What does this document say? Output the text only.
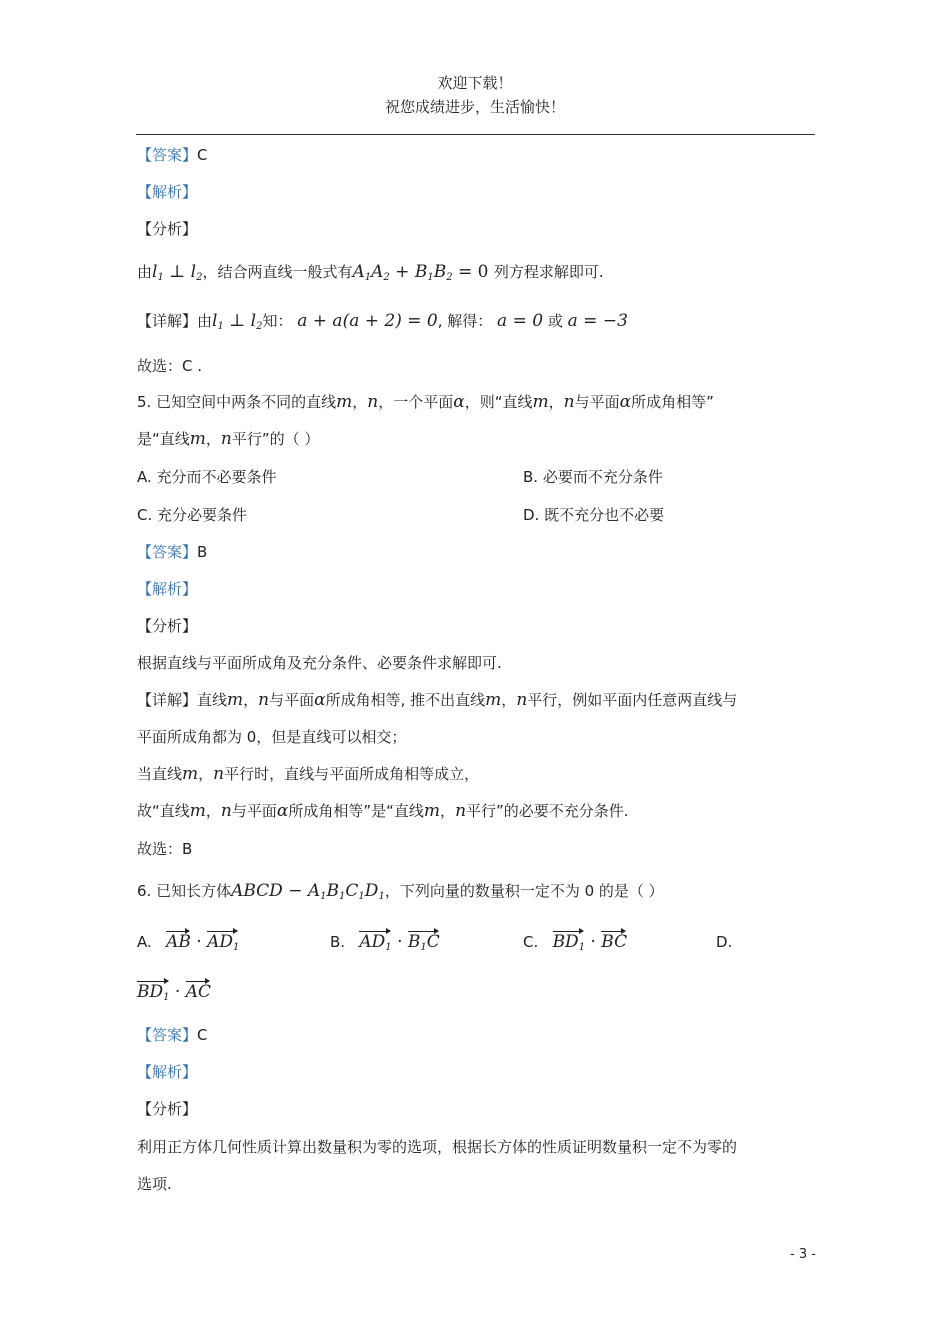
欢迎下载！
祝您成绩进步，生活愉快！
【答案】C
【解析】
【分析】
由$l_1$ ⊥ $l_2$，结合两直线一般式有$A_1A_2 + B_1B_2 = 0$ 列方程求解即可.
【详解】由$l_1$ ⊥ $l_2$知： a + a(a + 2) = 0, 解得： a = 0 或 a = −3
故选：C .
5. 已知空间中两条不同的直线m，n，一个平面α，则“直线m，n与平面α所成角相等”
是“直线m，n平行”的（ ）
A. 充分而不必要条件	B. 必要而不充分条件
C. 充分必要条件	D. 既不充分也不必要
【答案】B
【解析】
【分析】
根据直线与平面所成角及充分条件、必要条件求解即可.
【详解】直线m，n与平面α所成角相等, 推不出直线m，n平行，例如平面内任意两直线与
平面所成角都为 0，但是直线可以相交；
当直线m，n平行时，直线与平面所成角相等成立，
故“直线m，n与平面α所成角相等”是“直线m，n平行”的必要不充分条件.
故选：B
6. 已知长方体ABCD − $A_1B_1C_1D_1$，下列向量的数量积一定不为 0 的是（ ）
A. AB · $AD_1$	B. $AD_1 \cdot B_1C$	C. $BD_1$ · BC	D.
$BD_1$ · AC
【答案】C
【解析】
【分析】
利用正方体几何性质计算出数量积为零的选项，根据长方体的性质证明数量积一定不为零的
选项.
- 3 -
